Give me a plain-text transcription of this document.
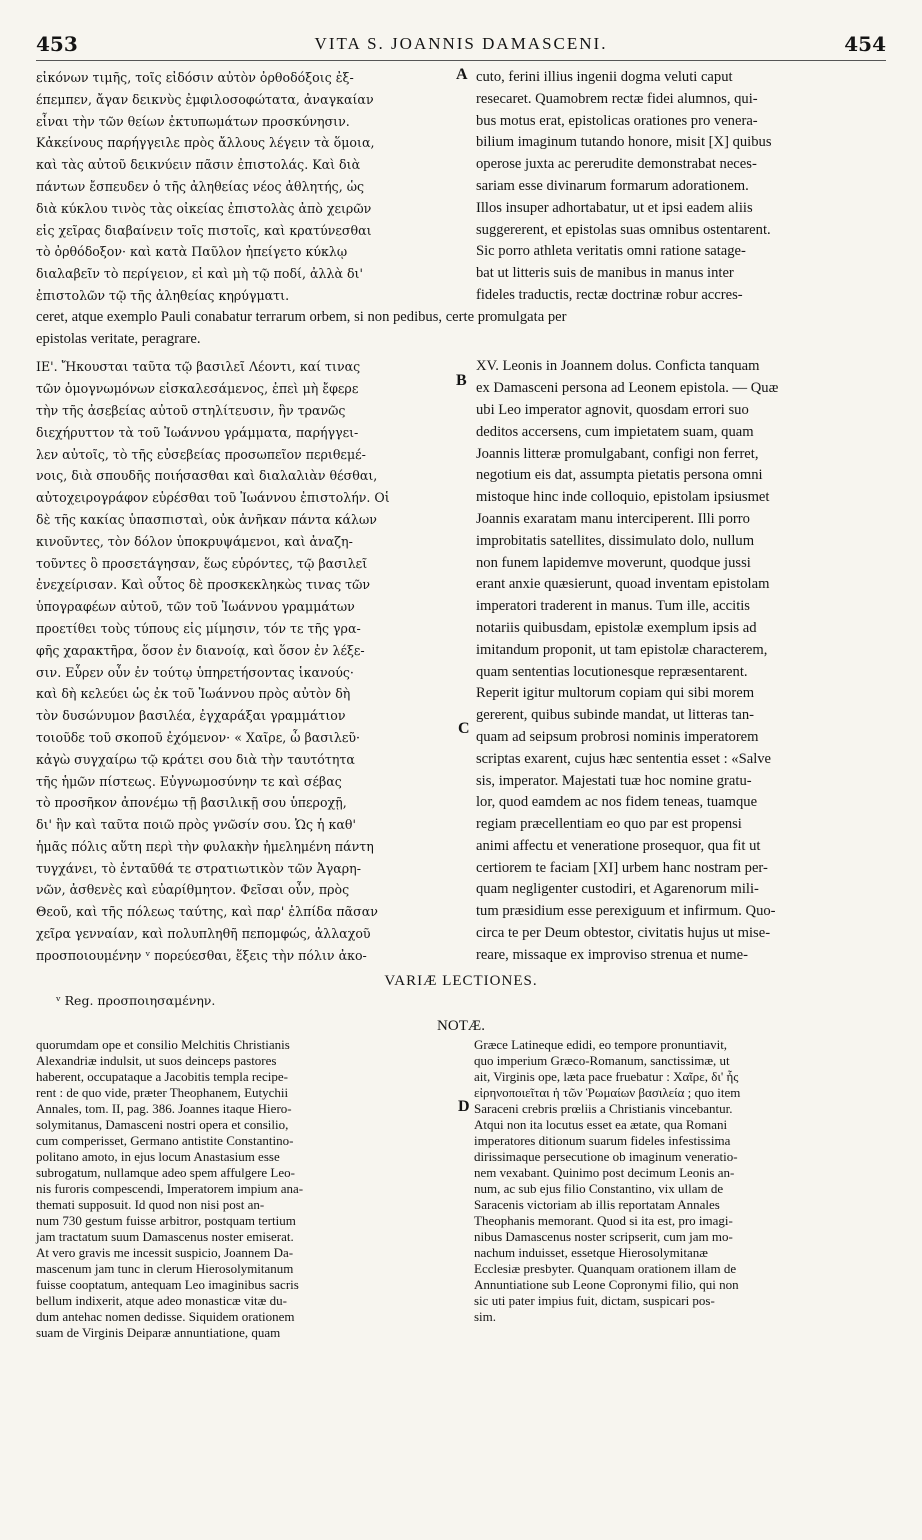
453	VITA S. JOANNIS DAMASCENI.	454
εἰκόνων τιμῆς, τοῖς εἰδόσιν αὐτὸν ὀρθοδόξοις ἐξ-
έπεμπεν, ἄγαν δεικνὺς ἐμφιλοσοφώτατα, ἀναγκαίαν
εἶναι τὴν τῶν θείων ἐκτυπωμάτων προσκύνησιν.
Κἀκείνους παρήγγειλε πρὸς ἄλλους λέγειν τὰ ὅμοια,
καὶ τὰς αὐτοῦ δεικνύειν πᾶσιν ἐπιστολάς. Καὶ διὰ
πάντων ἔσπευδεν ὁ τῆς ἀληθείας νέος ἀθλητής, ὡς
διὰ κύκλου τινὸς τὰς οἰκείας ἐπιστολὰς ἀπὸ χειρῶν
εἰς χεῖρας διαβαίνειν τοῖς πιστοῖς, καὶ κρατύνεσθαι
τὸ ὀρθόδοξον· καὶ κατὰ Παῦλον ἠπείγετο κύκλῳ
διαλαβεῖν τὸ περίγειον, εἰ καὶ μὴ τῷ ποδί, ἀλλὰ δι'
ἐπιστολῶν τῷ τῆς ἀληθείας κηρύγματι.
cuto, ferini illius ingenii dogma veluti caput
resecaret. Quamobrem rectæ fidei alumnos, qui-
bus motus erat, epistolicas orationes pro venera-
bilium imaginum tutando honore, misit [X] quibus
operose juxta ac pererudite demonstrabat neces-
sariam esse divinarum formarum adorationem.
Illos insuper adhortabatur, ut et ipsi eadem aliis
suggererent, et epistolas suas omnibus ostentarent.
Sic porro athleta veritatis omni ratione satage-
bat ut litteris suis de manibus in manus inter
fideles traductis, rectæ doctrinæ robur accres-
ceret, atque exemplo Pauli conabatur terrarum orbem, si non pedibus, certe promulgata per
epistolas veritate, peragrare.
ΙΕ'. Ἤκουσται ταῦτα τῷ βασιλεῖ Λέοντι, καί τινας
τῶν ὁμογνωμόνων εἰσκαλεσάμενος, ἐπεὶ μὴ ἔφερε
τὴν τῆς ἀσεβείας αὐτοῦ στηλίτευσιν, ἣν τρανῶς
διεχήρυττον τὰ τοῦ Ἰωάννου γράμματα, παρήγγει-
λεν αὐτοῖς, τὸ τῆς εὐσεβείας προσωπεῖον περιθεμέ-
νοις, διὰ σπουδῆς ποιήσασθαι καὶ διαλαλιὰν θέσθαι,
αὐτοχειρογράφον εὑρέσθαι τοῦ Ἰωάννου ἐπιστολήν. Οἱ
δὲ τῆς κακίας ὑπασπισταὶ, οὐκ ἀνῆκαν πάντα κάλων
κινοῦντες, τὸν δόλον ὑποκρυψάμενοι, καὶ ἀναζη-
τοῦντες ὃ προσετάγησαν, ἕως εὑρόντες, τῷ βασιλεῖ
ἐνεχείρισαν. Καὶ οὗτος δὲ προσκεκληκὼς τινας τῶν
ὑπογραφέων αὐτοῦ, τῶν τοῦ Ἰωάννου γραμμάτων
προετίθει τοὺς τύπους εἰς μίμησιν, τόν τε τῆς γρα-
φῆς χαρακτῆρα, ὅσον ἐν διανοίᾳ, καὶ ὅσον ἐν λέξε-
σιν. Εὗρεν οὖν ἐν τούτῳ ὑπηρετήσοντας ἱκανούς·
καὶ δὴ κελεύει ὡς ἐκ τοῦ Ἰωάννου πρὸς αὐτὸν δὴ
τὸν δυσώνυμον βασιλέα, ἐγχαράξαι γραμμάτιον
τοιοῦδε τοῦ σκοποῦ ἐχόμενον· « Χαῖρε, ὦ βασιλεῦ·
κἀγὼ συγχαίρω τῷ κράτει σου διὰ τὴν ταυτότητα
τῆς ἡμῶν πίστεως. Εὐγνωμοσύνην τε καὶ σέβας
τὸ προσῆκον ἀπονέμω τῇ βασιλικῇ σου ὑπεροχῇ,
δι' ἣν καὶ ταῦτα ποιῶ πρὸς γνῶσίν σου. Ὡς ἡ καθ'
ἡμᾶς πόλις αὕτη περὶ τὴν φυλακὴν ἠμελημένη πάντη
τυγχάνει, τὸ ἐνταῦθά τε στρατιωτικὸν τῶν Ἀγαρη-
νῶν, ἀσθενὲς καὶ εὐαρίθμητον. Φεῖσαι οὖν, πρὸς
Θεοῦ, καὶ τῆς πόλεως ταύτης, καὶ παρ' ἐλπίδα πᾶσαν
χεῖρα γενναίαν, καὶ πολυπληθῆ πεπομφώς, ἀλλαχοῦ
προσποιουμένην ᵛ πορεύεσθαι, ἕξεις τὴν πόλιν ἀκο-
XV. Leonis in Joannem dolus. Conficta tanquam
ex Damasceni persona ad Leonem epistola. — Quæ
ubi Leo imperator agnovit, quosdam errori suo
deditos accersens, cum impietatem suam, quam
Joannis litteræ promulgabant, configi non ferret,
negotium eis dat, assumpta pietatis persona omni
mistoque hinc inde colloquio, epistolam ipsiusmet
Joannis exaratam manu interciperent. Illi porro
improbitatis satellites, dissimulato dolo, nullum
non funem lapidemve moverunt, quodque jussi
erant anxie quæsierunt, quoad inventam epistolam
imperatori traderent in manus. Tum ille, accitis
notariis quibusdam, epistolæ exemplum ipsis ad
imitandum proponit, ut tam epistolæ characterem,
quam sententias locutionesque repræsentarent.
Reperit igitur multorum copiam qui sibi morem
gererent, quibus subinde mandat, ut litteras tan-
quam ad seipsum probrosi nominis imperatorem
scriptas exarent, cujus hæc sententia esset : «Salve
sis, imperator. Majestati tuæ hoc nomine gratu-
lor, quod eamdem ac nos fidem teneas, tuamque
regiam præcellentiam eo quo par est propensi
animi affectu et veneratione prosequor, qua fit ut
certiorem te faciam [XI] urbem hanc nostram per-
quam negligenter custodiri, et Agarenorum mili-
tum præsidium esse perexiguum et infirmum. Quo-
circa te per Deum obtestor, civitatis hujus ut mise-
reare, missaque ex improviso strenua et nume-
VARIÆ LECTIONES.
ᵛ Reg. προσποιησαμένην.
NOTÆ.
quorumdam ope et consilio Melchitis Christianis
Alexandriæ indulsit, ut suos deinceps pastores
haberent, occupataque a Jacobitis templa recipe-
rent : de quo vide, præter Theophanem, Eutychii
Annales, tom. II, pag. 386. Joannes itaque Hiero-
solymitanus, Damasceni nostri opera et consilio,
cum comperisset, Germano antistite Constantino-
politano amoto, in ejus locum Anastasium esse
subrogatum, nullamque adeo spem affulgere Leo-
nis furoris compescendi, Imperatorem impium ana-
themati supposuit. Id quod non nisi post an-
num 730 gestum fuisse arbitror, postquam tertium
jam tractatum suum Damascenus noster emiserat.
At vero gravis me incessit suspicio, Joannem Da-
mascenum jam tunc in clerum Hierosolymitanum
fuisse cooptatum, antequam Leo imaginibus sacris
bellum indixerit, atque adeo monasticæ vitæ du-
dum antehac nomen dedisse. Siquidem orationem
suam de Virginis Deiparæ annuntiatione, quam
Græce Latineque edidi, eo tempore pronuntiavit,
quo imperium Græco-Romanum, sanctissimæ, ut
ait, Virginis ope, læta pace fruebatur : Χαῖρε, δι' ἧς
εἰρηνοποιεῖται ἡ τῶν Ῥωμαίων βασιλεία ; quo item
Saraceni crebris prœliis a Christianis vincebantur.
Atqui non ita locutus esset ea ætate, qua Romani
imperatores ditionum suarum fideles infestissima
dirissimaque persecutione ob imaginum veneratio-
nem vexabant. Quinimo post decimum Leonis an-
num, ac sub ejus filio Constantino, vix ullam de
Saracenis victoriam ab illis reportatam Annales
Theophanis memorant. Quod si ita est, pro imagi-
nibus Damascenus noster scripserit, cum jam mo-
nachum induisset, essetque Hierosolymitanæ
Ecclesiæ presbyter. Quanquam orationem illam de
Annuntiatione sub Leone Copronymi filio, qui non
sic uti pater impius fuit, dictam, suspicari pos-
sim.
A
B
C
D
